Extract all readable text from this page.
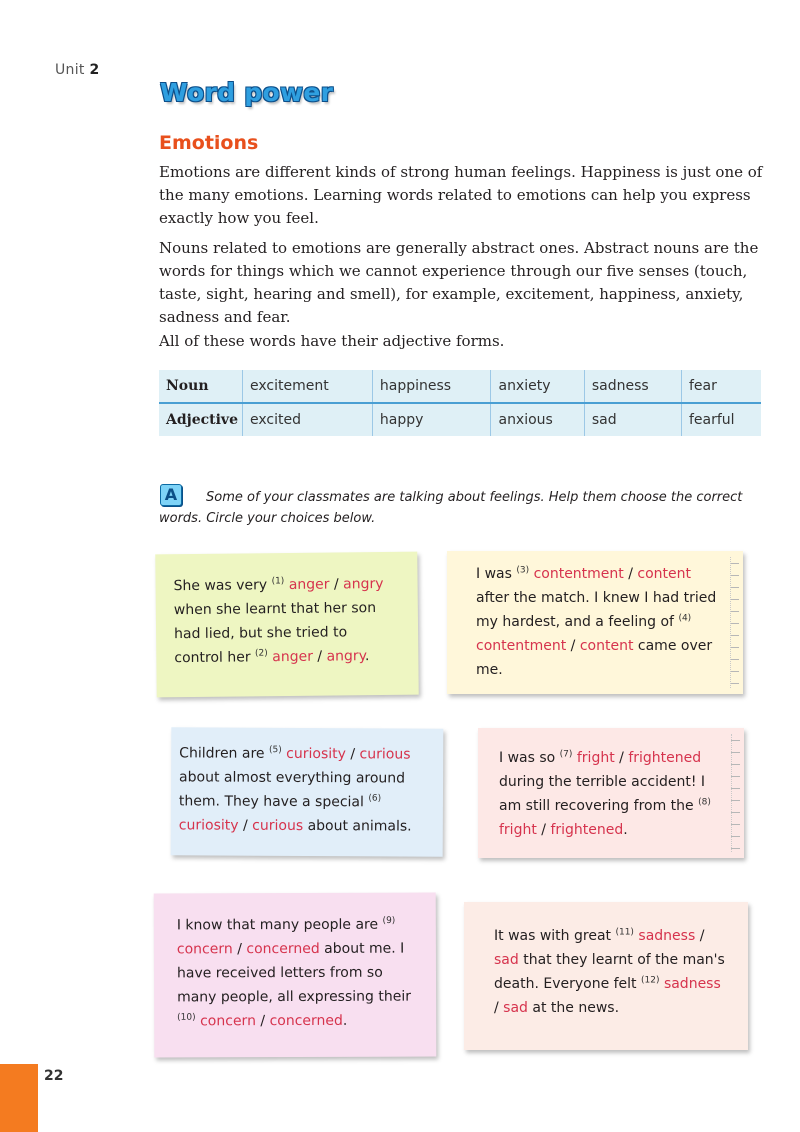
Unit 2
Word power
Emotions

Emotions are different kinds of strong human feelings. Happiness is just one of the many emotions. Learning words related to emotions can help you express exactly how you feel.

Nouns related to emotions are generally abstract ones. Abstract nouns are the words for things which we cannot experience through our five senses (touch, taste, sight, hearing and smell), for example, excitement, happiness, anxiety, sadness and fear.

All of these words have their adjective forms.

Noun	excitement	happiness	anxiety	sadness	fear
Adjective	excited	happy	anxious	sad	fearful

Some of your classmates are talking about feelings. Help them choose the correct words. Circle your choices below.

A
She was very $^{(1)}$ anger / angry when she learnt that her son had lied, but she tried to control her $^{(2)}$ anger / angry.
I was $^{(3)}$ contentment / content after the match. I knew I had tried my hardest, and a feeling of $^{(4)}$ contentment / content came over me.
Children are $^{(5)}$ curiosity / curious about almost everything around them. They have a special $^{(6)}$ curiosity / curious about animals.
I was so $^{(7)}$ fright / frightened during the terrible accident! I am still recovering from the $^{(8)}$ fright / frightened.
I know that many people are $^{(9)}$ concern / concerned about me. I have received letters from so many people, all expressing their $^{(10)}$ concern / concerned.
It was with great $^{(11)}$ sadness / sad that they learnt of the man's death. Everyone felt $^{(12)}$ sadness / sad at the news.
22
